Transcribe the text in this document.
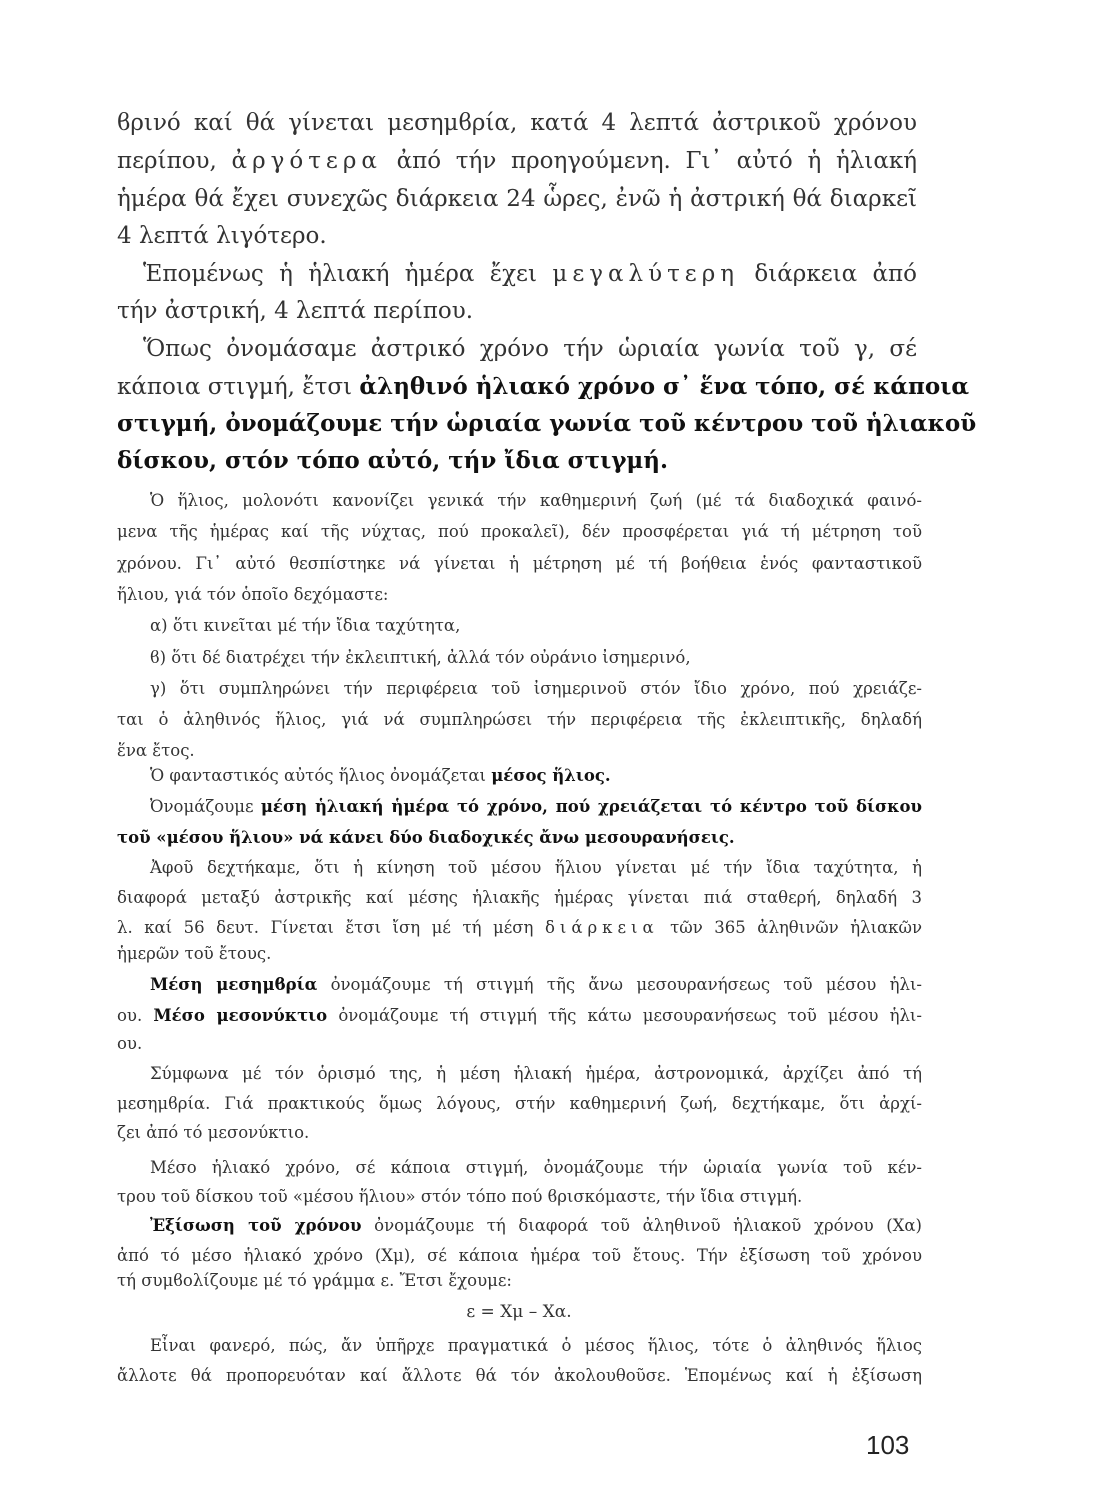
ϐρινό καί θά γίνεται μεσημϐρία, κατά 4 λεπτά ἀστρικοῦ χρόνου

περίπου, ἀργότερα ἀπό τήν προηγούμενη. Γι᾽ αὐτό ἡ ἡλιακή

ἡμέρα θά ἔχει συνεχῶς διάρκεια 24 ὧρες, ἐνῶ ἡ ἀστρική θά διαρκεῖ

4 λεπτά λιγότερο.

Ἑπομένως ἡ ἡλιακή ἡμέρα ἔχει μεγαλύτερη διάρκεια ἀπό

τήν ἀστρική, 4 λεπτά περίπου.

Ὅπως ὀνομάσαμε ἀστρικό χρόνο τήν ὡριαία γωνία τοῦ γ, σέ

κάποια στιγμή, ἔτσι ἀληθινό ἡλιακό χρόνο σ᾽ ἕνα τόπο, σέ κάποια

στιγμή, ὀνομάζουμε τήν ὡριαία γωνία τοῦ κέντρου τοῦ ἡλιακοῦ

δίσκου, στόν τόπο αὐτό, τήν ἴδια στιγμή.

Ὁ ἥλιος, μολονότι κανονίζει γενικά τήν καθημερινή ζωή (μέ τά διαδοχικά φαινό-

μενα τῆς ἡμέρας καί τῆς νύχτας, πού προκαλεῖ), δέν προσφέρεται γιά τή μέτρηση τοῦ

χρόνου. Γι᾽ αὐτό θεσπίστηκε νά γίνεται ἡ μέτρηση μέ τή βοήθεια ἑνός φανταστικοῦ

ἥλιου, γιά τόν ὁποῖο δεχόμαστε:

α) ὅτι κινεῖται μέ τήν ἴδια ταχύτητα,

ϐ) ὅτι δέ διατρέχει τήν ἐκλειπτική, ἀλλά τόν οὐράνιο ἰσημερινό,

γ) ὅτι συμπληρώνει τήν περιφέρεια τοῦ ἰσημερινοῦ στόν ἴδιο χρόνο, πού χρειάζε-

ται ὁ ἀληθινός ἥλιος, γιά νά συμπληρώσει τήν περιφέρεια τῆς ἐκλειπτικῆς, δηλαδή

ἕνα ἔτος.

Ὁ φανταστικός αὐτός ἥλιος ὀνομάζεται μέσος ἥλιος.

Ὀνομάζουμε μέση ἡλιακή ἡμέρα τό χρόνο, πού χρειάζεται τό κέντρο τοῦ δίσκου

τοῦ «μέσου ἥλιου» νά κάνει δύο διαδοχικές ἄνω μεσουρανήσεις.

Ἀφοῦ δεχτήκαμε, ὅτι ἡ κίνηση τοῦ μέσου ἥλιου γίνεται μέ τήν ἴδια ταχύτητα, ἡ

διαφορά μεταξύ ἀστρικῆς καί μέσης ἡλιακῆς ἡμέρας γίνεται πιά σταθερή, δηλαδή 3

λ. καί 56 δευτ. Γίνεται ἔτσι ἴση μέ τή μέση διάρκεια τῶν 365 ἀληθινῶν ἡλιακῶν

ἡμερῶν τοῦ ἔτους.

Μέση μεσημϐρία ὀνομάζουμε τή στιγμή τῆς ἄνω μεσουρανήσεως τοῦ μέσου ἡλι-

ου. Μέσο μεσονύκτιο ὀνομάζουμε τή στιγμή τῆς κάτω μεσουρανήσεως τοῦ μέσου ἡλι-

ου.

Σύμφωνα μέ τόν ὁρισμό της, ἡ μέση ἡλιακή ἡμέρα, ἀστρονομικά, ἀρχίζει ἀπό τή

μεσημϐρία. Γιά πρακτικούς ὅμως λόγους, στήν καθημερινή ζωή, δεχτήκαμε, ὅτι ἀρχί-

ζει ἀπό τό μεσονύκτιο.

Μέσο ἡλιακό χρόνο, σέ κάποια στιγμή, ὀνομάζουμε τήν ὡριαία γωνία τοῦ κέν-

τρου τοῦ δίσκου τοῦ «μέσου ἥλιου» στόν τόπο πού ϐρισκόμαστε, τήν ἴδια στιγμή.

Ἐξίσωση τοῦ χρόνου ὀνομάζουμε τή διαφορά τοῦ ἀληθινοῦ ἡλιακοῦ χρόνου (Χα)

ἀπό τό μέσο ἡλιακό χρόνο (Χμ), σέ κάποια ἡμέρα τοῦ ἔτους. Τήν ἐξίσωση τοῦ χρόνου

τή συμϐολίζουμε μέ τό γράμμα ε. Ἔτσι ἔχουμε:

ε = Χμ – Χα.

Εἶναι φανερό, πώς, ἄν ὑπῆρχε πραγματικά ὁ μέσος ἥλιος, τότε ὁ ἀληθινός ἥλιος

ἄλλοτε θά προπορευόταν καί ἄλλοτε θά τόν ἀκολουθοῦσε. Ἑπομένως καί ἡ ἐξίσωση

103
